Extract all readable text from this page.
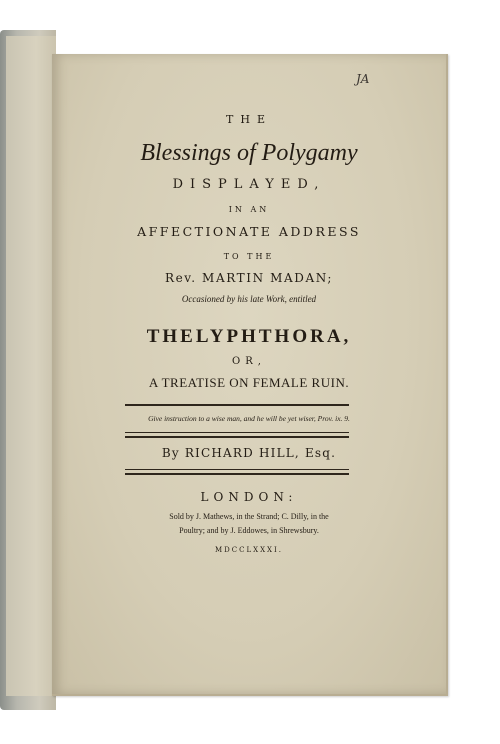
JA
THE
Blessings of Polygamy
DISPLAYED,
IN AN
AFFECTIONATE ADDRESS
TO THE
Rev. MARTIN MADAN;
Occasioned by his late Work, entitled
THELYPHTHORA,
OR,
A TREATISE ON FEMALE RUIN.
Give instruction to a wise man, and he will be yet wiser, Prov. ix. 9.
By RICHARD HILL, Esq.
LONDON:
Sold by J. Mathews, in the Strand; C. Dilly, in the
Poultry; and by J. Eddowes, in Shrewsbury.
MDCCLXXXI.
